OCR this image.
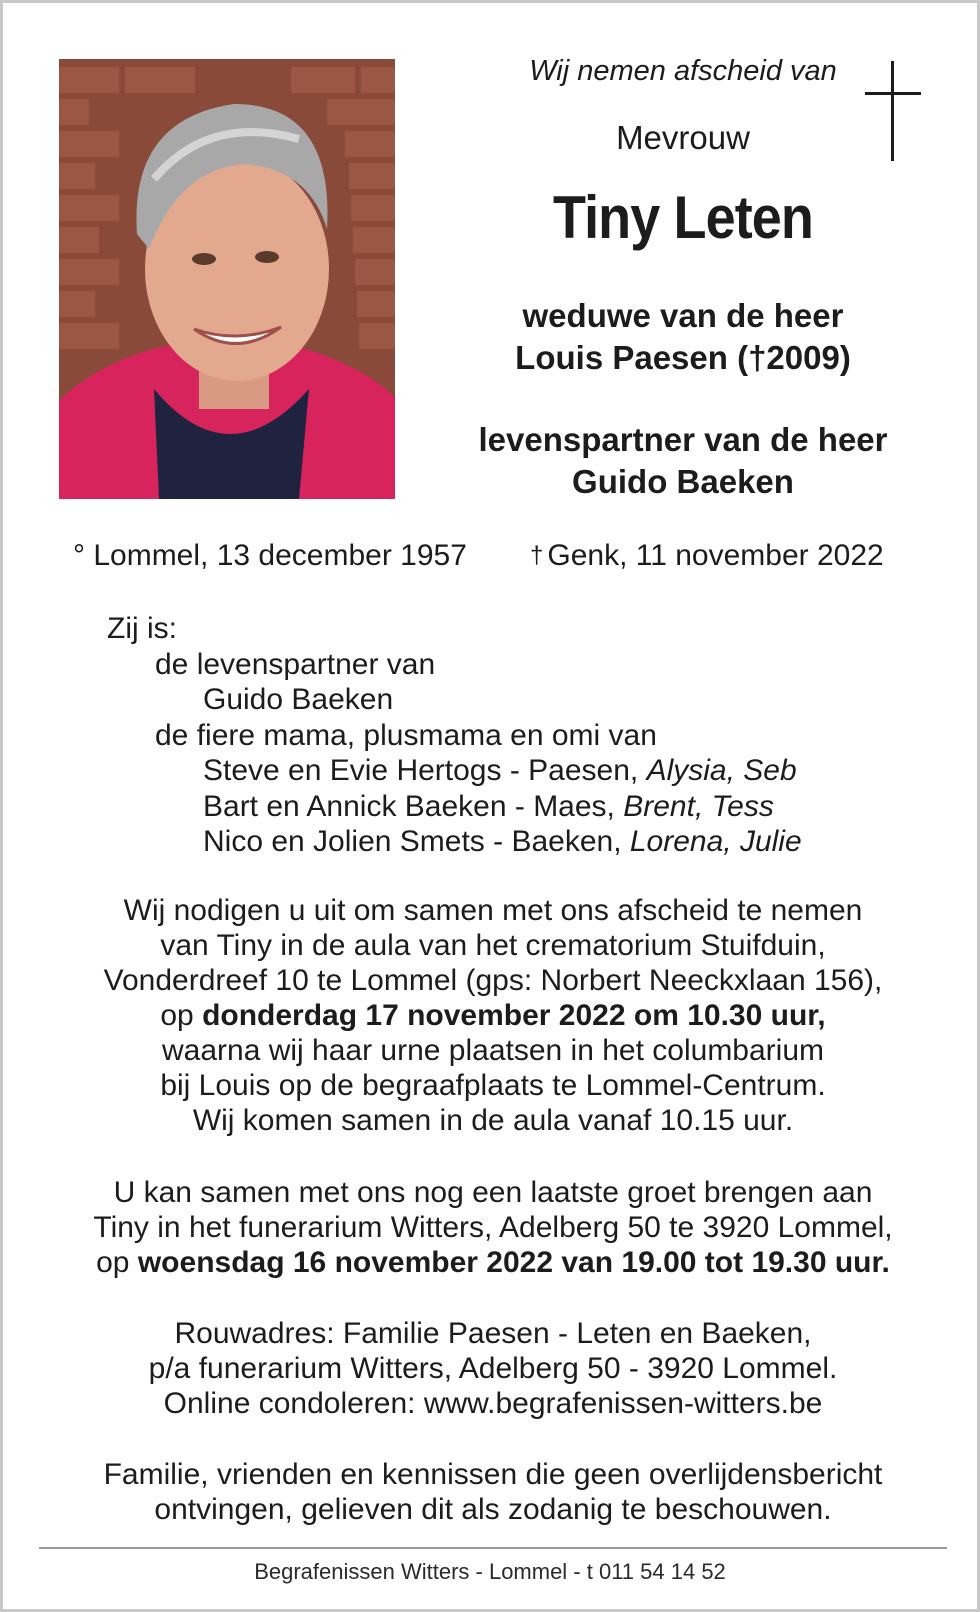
Wij nemen afscheid van
Mevrouw
Tiny Leten
weduwe van de heer
Louis Paesen (†2009)
levenspartner van de heer
Guido Baeken
° Lommel, 13 december 1957	† Genk, 11 november 2022
Zij is:
de levenspartner van
Guido Baeken
de fiere mama, plusmama en omi van
Steve en Evie Hertogs - Paesen, Alysia, Seb
Bart en Annick Baeken - Maes, Brent, Tess
Nico en Jolien Smets - Baeken, Lorena, Julie
Wij nodigen u uit om samen met ons afscheid te nemen
van Tiny in de aula van het crematorium Stuifduin,
Vonderdreef 10 te Lommel (gps: Norbert Neeckxlaan 156),
op donderdag 17 november 2022 om 10.30 uur,
waarna wij haar urne plaatsen in het columbarium
bij Louis op de begraafplaats te Lommel-Centrum.
Wij komen samen in de aula vanaf 10.15 uur.
U kan samen met ons nog een laatste groet brengen aan
Tiny in het funerarium Witters, Adelberg 50 te 3920 Lommel,
op woensdag 16 november 2022 van 19.00 tot 19.30 uur.
Rouwadres: Familie Paesen - Leten en Baeken,
p/a funerarium Witters, Adelberg 50 - 3920 Lommel.
Online condoleren: www.begrafenissen-witters.be
Familie, vrienden en kennissen die geen overlijdensbericht
ontvingen, gelieven dit als zodanig te beschouwen.
Begrafenissen Witters - Lommel - t 011 54 14 52
